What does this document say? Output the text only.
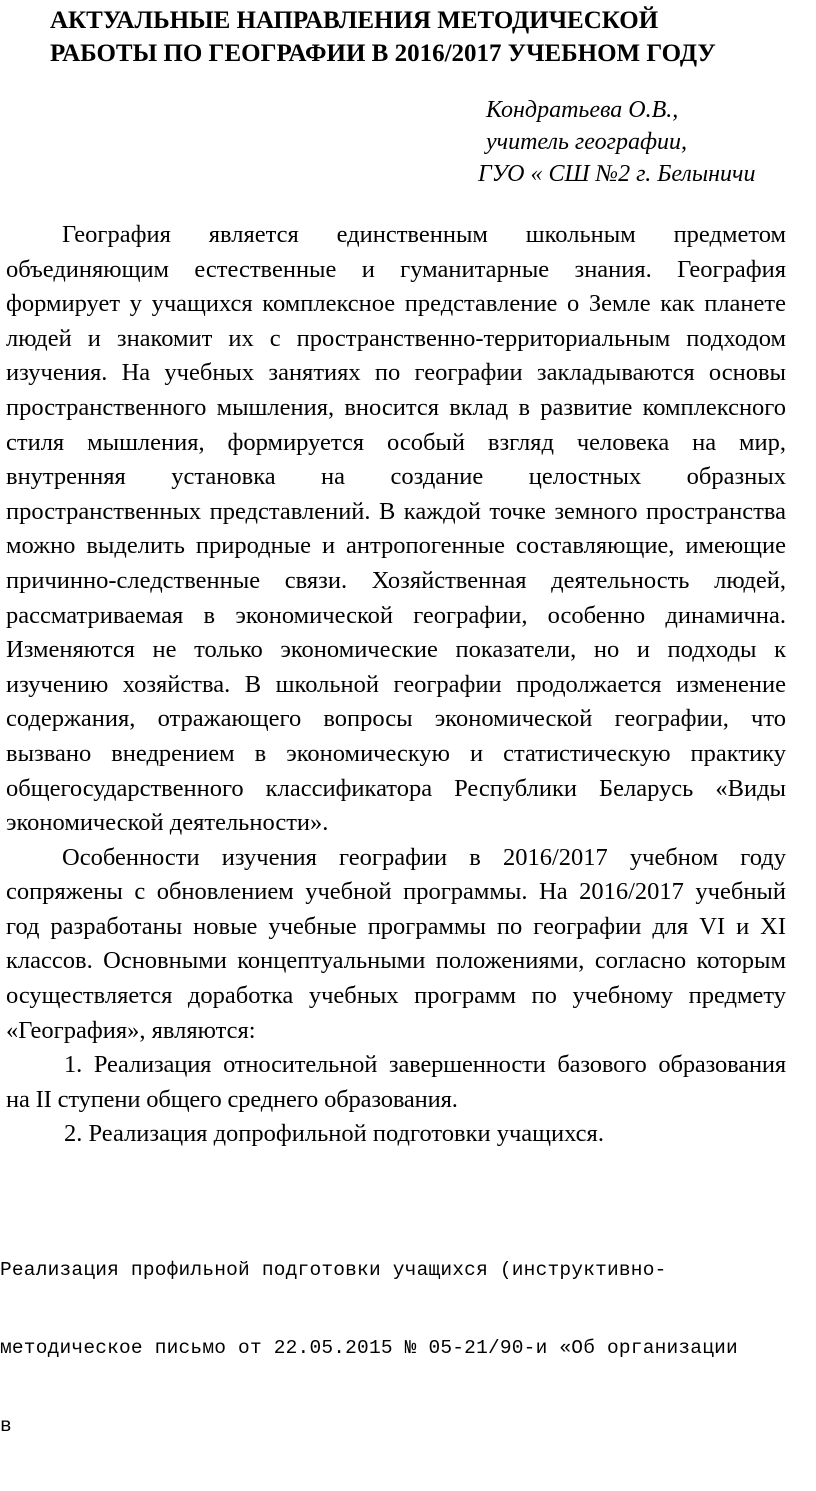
АКТУАЛЬНЫЕ НАПРАВЛЕНИЯ МЕТОДИЧЕСКОЙ
РАБОТЫ ПО ГЕОГРАФИИ В 2016/2017 УЧЕБНОМ ГОДУ
Кондратьева О.В.,
учитель географии,
ГУО « СШ №2 г. Белыничи

География является единственным школьным предметом объединяющим естественные и гуманитарные знания. География формирует у учащихся комплексное представление о Земле как планете людей и знакомит их с пространственно-территориальным подходом изучения. На учебных занятиях по географии закладываются основы пространственного мышления, вносится вклад в развитие комплексного стиля мышления, формируется особый взгляд человека на мир, внутренняя установка на создание целостных образных пространственных представлений. В каждой точке земного пространства можно выделить природные и антропогенные составляющие, имеющие причинно-следственные связи. Хозяйственная деятельность людей, рассматриваемая в экономической географии, особенно динамична. Изменяются не только экономические показатели, но и подходы к изучению хозяйства. В школьной географии продолжается изменение содержания, отражающего вопросы экономической географии, что вызвано внедрением в экономическую и статистическую практику общегосударственного классификатора Республики Беларусь «Виды экономической деятельности».

Особенности изучения географии в 2016/2017 учебном году сопряжены с обновлением учебной программы. На 2016/2017 учебный год разработаны новые учебные программы по географии для VI и XI классов. Основными концептуальными положениями, согласно которым осуществляется доработка учебных программ по учебному предмету «География», являются:

1. Реализация относительной завершенности базового образования на II ступени общего среднего образования.

2. Реализация допрофильной подготовки учащихся.

Реализация профильной подготовки учащихся (инструктивно-

методическое письмо от 22.05.2015 № 05-21/90-и «Об организации

в
